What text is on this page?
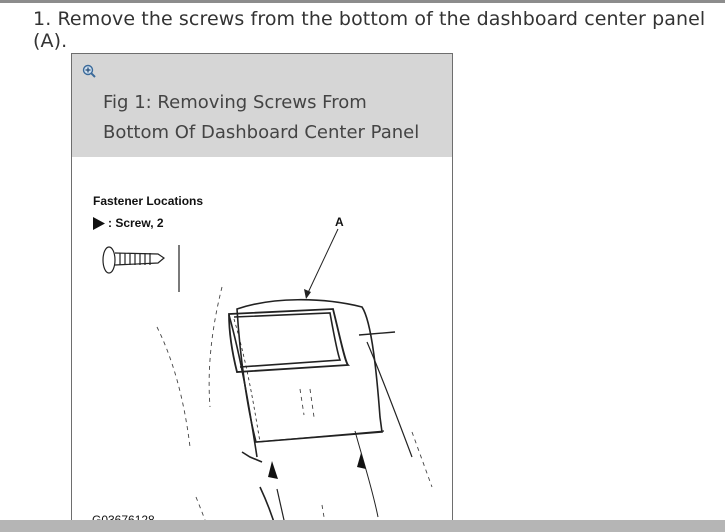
1. Remove the screws from the bottom of the dashboard center panel (A).
Fig 1: Removing Screws From Bottom Of Dashboard Center Panel
Fastener Locations
: Screw, 2	A
